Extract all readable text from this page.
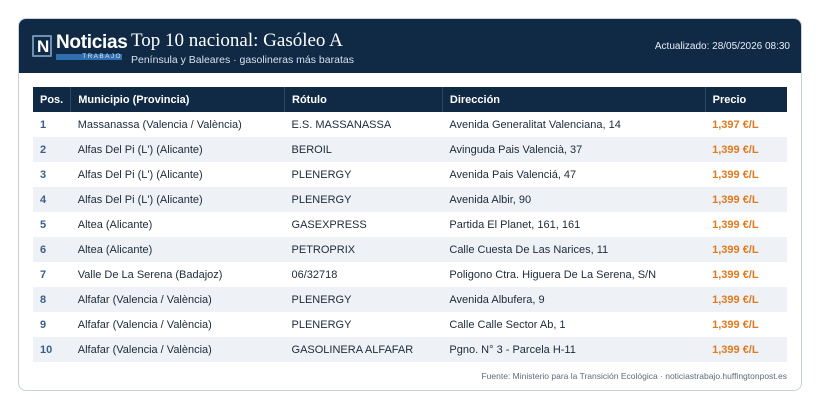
N Noticias
TRABAJO
Top 10 nacional: Gasóleo A
Península y Baleares · gasolineras más baratas
Actualizado: 28/05/2026 08:30
Pos.	Municipio (Provincia)	Rótulo	Dirección	Precio
1	Massanassa (Valencia / València)	E.S. MASSANASSA	Avenida Generalitat Valenciana, 14	1,397 €/L
2	Alfas Del Pi (L') (Alicante)	BEROIL	Avinguda Pais Valencià, 37	1,399 €/L
3	Alfas Del Pi (L') (Alicante)	PLENERGY	Avenida Pais Valenciá, 47	1,399 €/L
4	Alfas Del Pi (L') (Alicante)	PLENERGY	Avenida Albir, 90	1,399 €/L
5	Altea (Alicante)	GASEXPRESS	Partida El Planet, 161, 161	1,399 €/L
6	Altea (Alicante)	PETROPRIX	Calle Cuesta De Las Narices, 11	1,399 €/L
7	Valle De La Serena (Badajoz)	06/32718	Poligono Ctra. Higuera De La Serena, S/N	1,399 €/L
8	Alfafar (Valencia / València)	PLENERGY	Avenida Albufera, 9	1,399 €/L
9	Alfafar (Valencia / València)	PLENERGY	Calle Calle Sector Ab, 1	1,399 €/L
10	Alfafar (Valencia / València)	GASOLINERA ALFAFAR	Pgno. N° 3 - Parcela H-11	1,399 €/L
Fuente: Ministerio para la Transición Ecológica · noticiastrabajo.huffingtonpost.es
